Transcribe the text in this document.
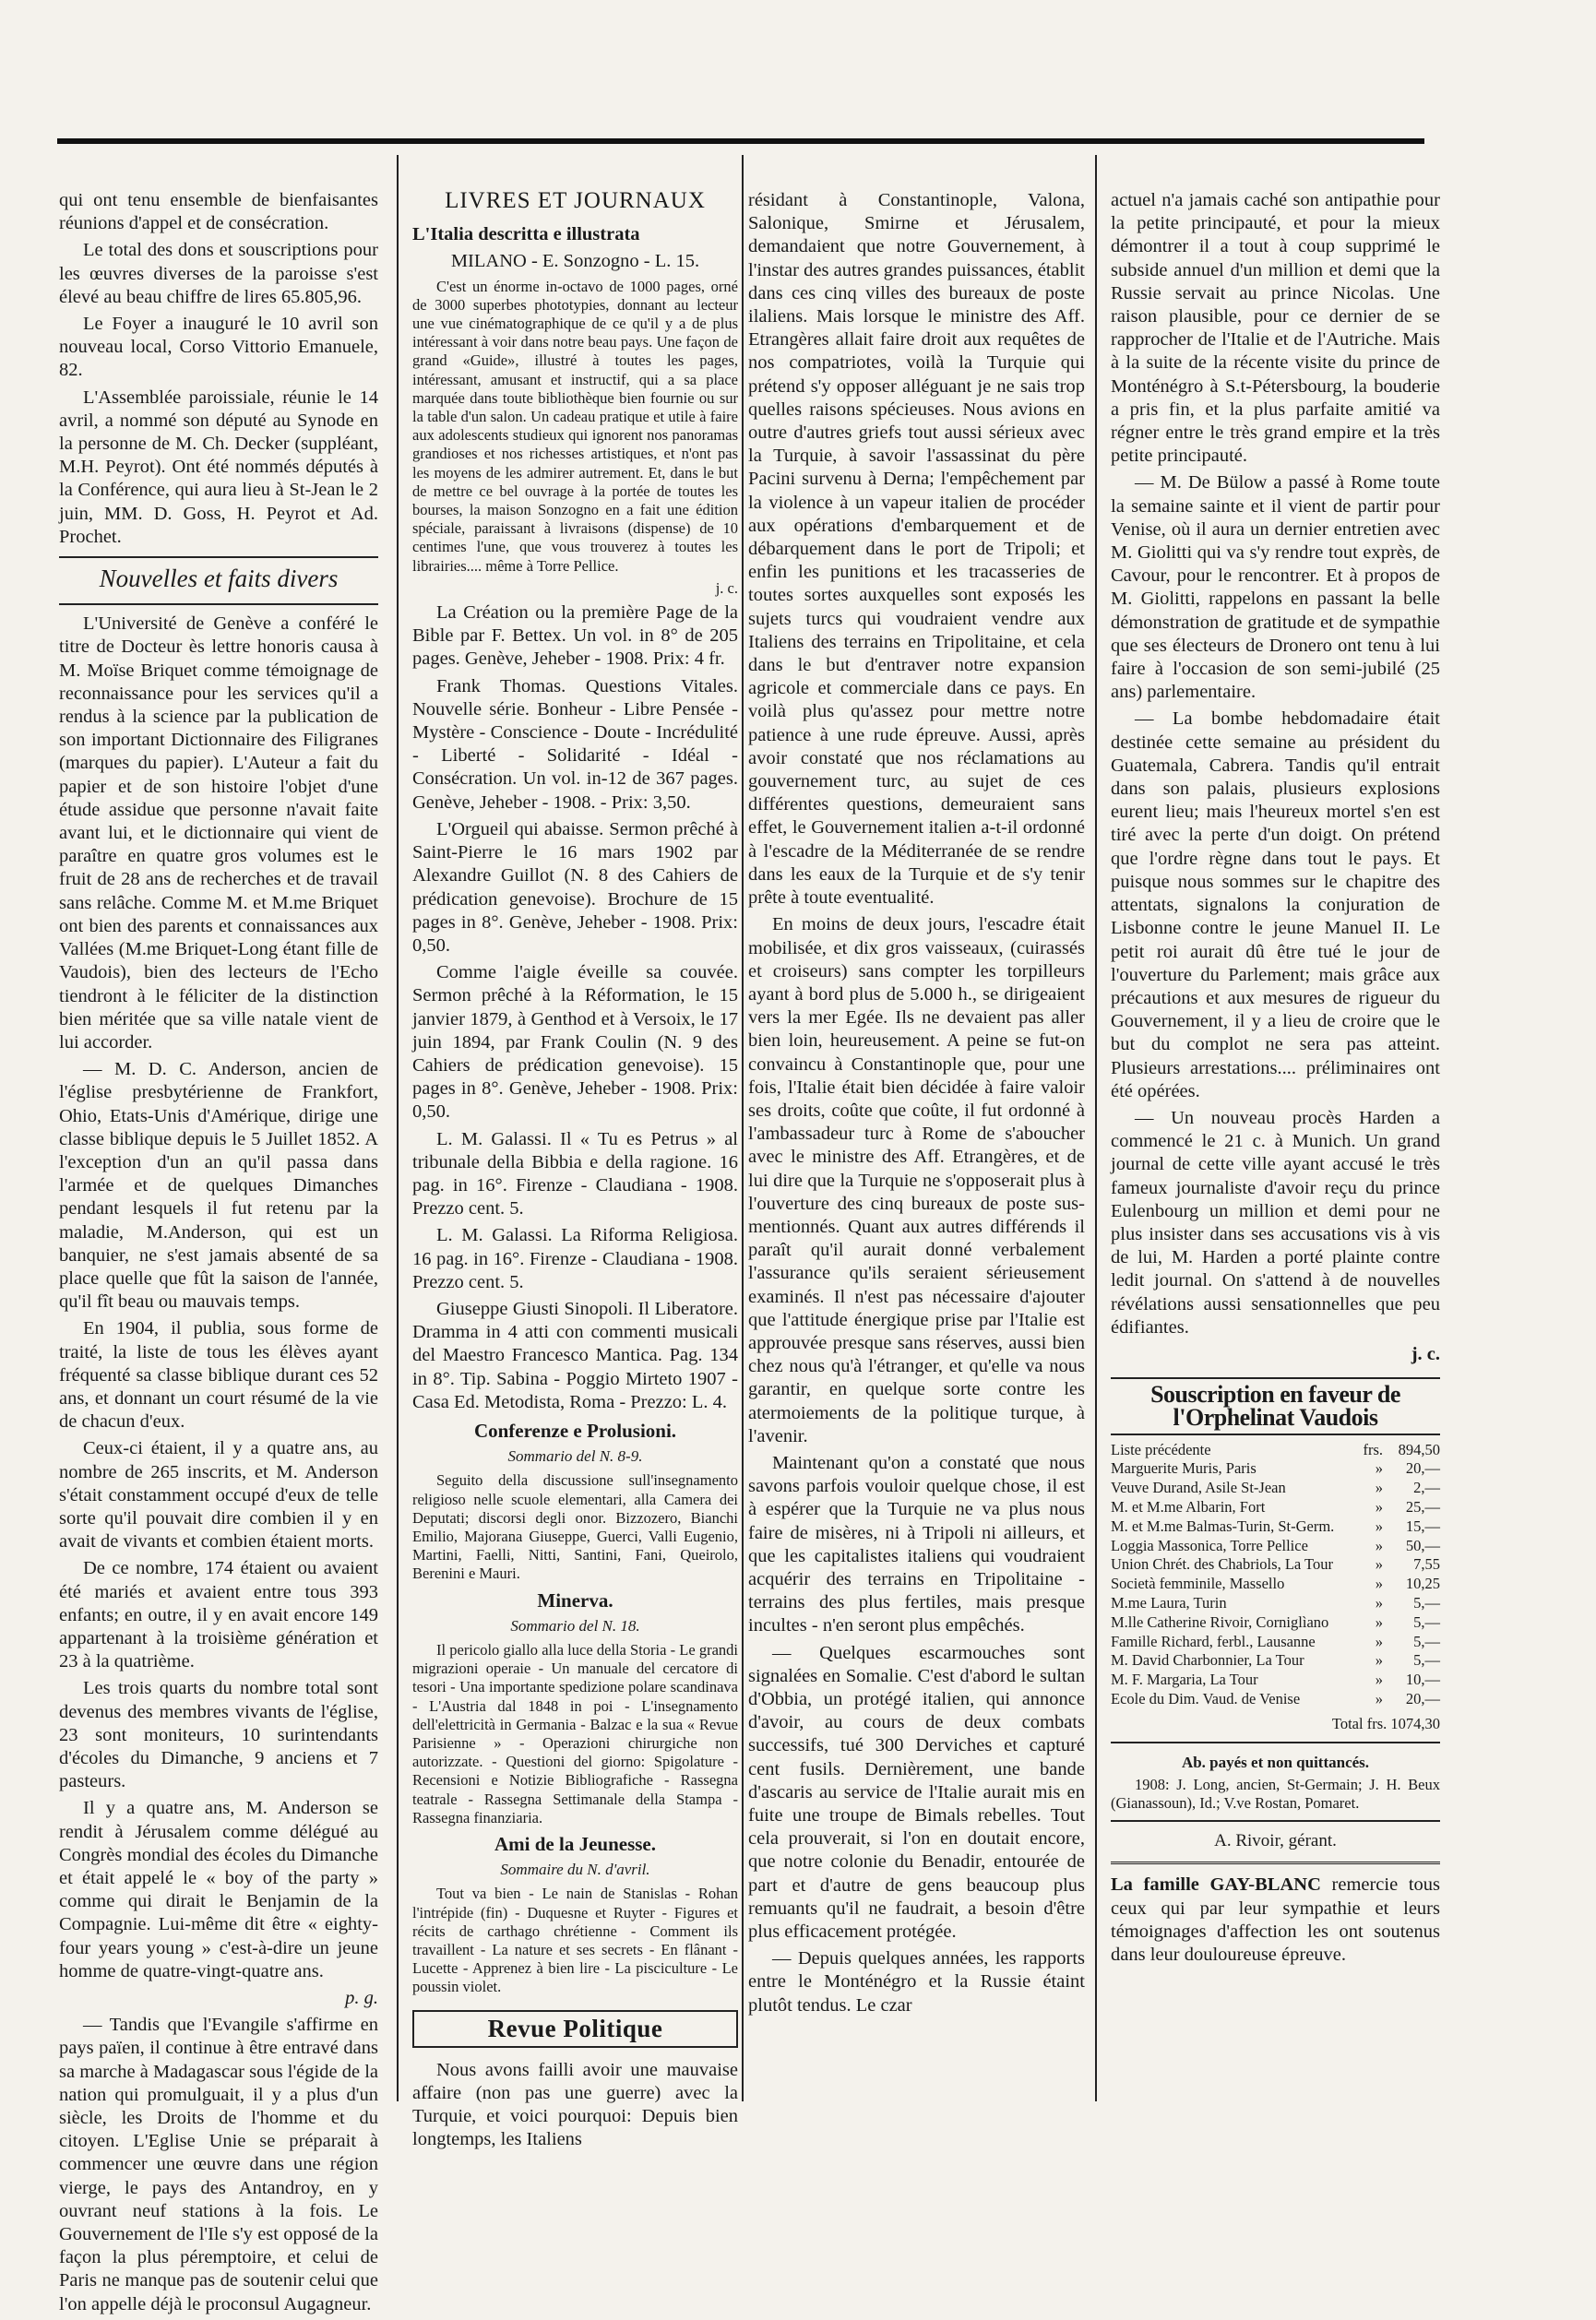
qui ont tenu ensemble de bienfaisantes réunions d'appel et de consécration.

Le total des dons et souscriptions pour les œuvres diverses de la paroisse s'est élevé au beau chiffre de lires 65.805,96.

Le Foyer a inauguré le 10 avril son nouveau local, Corso Vittorio Emanuele, 82.

L'Assemblée paroissiale, réunie le 14 avril, a nommé son député au Synode en la personne de M. Ch. Decker (suppléant, M.H. Peyrot). Ont été nommés députés à la Conférence, qui aura lieu à St-Jean le 2 juin, MM. D. Goss, H. Peyrot et Ad. Prochet.

Nouvelles et faits divers

L'Université de Genève a conféré le titre de Docteur ès lettre honoris causa à M. Moïse Briquet comme témoignage de reconnaissance pour les services qu'il a rendus à la science par la publication de son important Dictionnaire des Filigranes (marques du papier). L'Auteur a fait du papier et de son histoire l'objet d'une étude assidue que personne n'avait faite avant lui, et le dictionnaire qui vient de paraître en quatre gros volumes est le fruit de 28 ans de recherches et de travail sans relâche. Comme M. et M.me Briquet ont bien des parents et connaissances aux Vallées (M.me Briquet-Long étant fille de Vaudois), bien des lecteurs de l'Echo tiendront à le féliciter de la distinction bien méritée que sa ville natale vient de lui accorder.

— M. D. C. Anderson, ancien de l'église presbytérienne de Frankfort, Ohio, Etats-Unis d'Amérique, dirige une classe biblique depuis le 5 Juillet 1852. A l'exception d'un an qu'il passa dans l'armée et de quelques Dimanches pendant lesquels il fut retenu par la maladie, M.Anderson, qui est un banquier, ne s'est jamais absenté de sa place quelle que fût la saison de l'année, qu'il fît beau ou mauvais temps.

En 1904, il publia, sous forme de traité, la liste de tous les élèves ayant fréquenté sa classe biblique durant ces 52 ans, et donnant un court résumé de la vie de chacun d'eux.

Ceux-ci étaient, il y a quatre ans, au nombre de 265 inscrits, et M. Anderson s'était constamment occupé d'eux de telle sorte qu'il pouvait dire combien il y en avait de vivants et combien étaient morts.

De ce nombre, 174 étaient ou avaient été mariés et avaient entre tous 393 enfants; en outre, il y en avait encore 149 appartenant à la troisième génération et 23 à la quatrième.

Les trois quarts du nombre total sont devenus des membres vivants de l'église, 23 sont moniteurs, 10 surintendants d'écoles du Dimanche, 9 anciens et 7 pasteurs.

Il y a quatre ans, M. Anderson se rendit à Jérusalem comme délégué au Congrès mondial des écoles du Dimanche et était appelé le « boy of the party » comme qui dirait le Benjamin de la Compagnie. Lui-même dit être « eighty-four years young » c'est-à-dire un jeune homme de quatre-vingt-quatre ans.

p. g.

— Tandis que l'Evangile s'affirme en pays païen, il continue à être entravé dans sa marche à Madagascar sous l'égide de la nation qui promulguait, il y a plus d'un siècle, les Droits de l'homme et du citoyen. L'Eglise Unie se préparait à commencer une œuvre dans une région vierge, le pays des Antandroy, en y ouvrant neuf stations à la fois. Le Gouvernement de l'Ile s'y est opposé de la façon la plus péremptoire, et celui de Paris ne manque pas de soutenir celui que l'on appelle déjà le proconsul Augagneur.

LIVRES ET JOURNAUX

L'Italia descritta e illustrata

MILANO - E. Sonzogno - L. 15.

C'est un énorme in-octavo de 1000 pages, orné de 3000 superbes phototypies, donnant au lecteur une vue cinématographique de ce qu'il y a de plus intéressant à voir dans notre beau pays. Une façon de grand «Guide», illustré à toutes les pages, intéressant, amusant et instructif, qui a sa place marquée dans toute bibliothèque bien fournie ou sur la table d'un salon. Un cadeau pratique et utile à faire aux adolescents studieux qui ignorent nos panoramas grandioses et nos richesses artistiques, et n'ont pas les moyens de les admirer autrement. Et, dans le but de mettre ce bel ouvrage à la portée de toutes les bourses, la maison Sonzogno en a fait une édition spéciale, paraissant à livraisons (dispense) de 10 centimes l'une, que vous trouverez à toutes les librairies.... même à Torre Pellice.

j. c.

La Création ou la première Page de la Bible par F. Bettex. Un vol. in 8° de 205 pages. Genève, Jeheber - 1908. Prix: 4 fr.

Frank Thomas. Questions Vitales. Nouvelle série. Bonheur - Libre Pensée - Mystère - Conscience - Doute - Incrédulité - Liberté - Solidarité - Idéal - Consécration. Un vol. in-12 de 367 pages. Genève, Jeheber - 1908. - Prix: 3,50.

L'Orgueil qui abaisse. Sermon prêché à Saint-Pierre le 16 mars 1902 par Alexandre Guillot (N. 8 des Cahiers de prédication genevoise). Brochure de 15 pages in 8°. Genève, Jeheber - 1908. Prix: 0,50.

Comme l'aigle éveille sa couvée. Sermon prêché à la Réformation, le 15 janvier 1879, à Genthod et à Versoix, le 17 juin 1894, par Frank Coulin (N. 9 des Cahiers de prédication genevoise). 15 pages in 8°. Genève, Jeheber - 1908. Prix: 0,50.

L. M. Galassi. Il « Tu es Petrus » al tribunale della Bibbia e della ragione. 16 pag. in 16°. Firenze - Claudiana - 1908. Prezzo cent. 5.

L. M. Galassi. La Riforma Religiosa. 16 pag. in 16°. Firenze - Claudiana - 1908. Prezzo cent. 5.

Giuseppe Giusti Sinopoli. Il Liberatore. Dramma in 4 atti con commenti musicali del Maestro Francesco Mantica. Pag. 134 in 8°. Tip. Sabina - Poggio Mirteto 1907 - Casa Ed. Metodista, Roma - Prezzo: L. 4.

Conferenze e Prolusioni.
Sommario del N. 8-9.

Seguito della discussione sull'insegnamento religioso nelle scuole elementari, alla Camera dei Deputati; discorsi degli onor. Bizzozero, Bianchi Emilio, Majorana Giuseppe, Guerci, Valli Eugenio, Martini, Faelli, Nitti, Santini, Fani, Queirolo, Berenini e Mauri.

Minerva.
Sommario del N. 18.

Il pericolo giallo alla luce della Storia - Le grandi migrazioni operaie - Un manuale del cercatore di tesori - Una importante spedizione polare scandinava - L'Austria dal 1848 in poi - L'insegnamento dell'elettricità in Germania - Balzac e la sua « Revue Parisienne » - Operazioni chirurgiche non autorizzate. - Questioni del giorno: Spigolature - Recensioni e Notizie Bibliografiche - Rassegna teatrale - Rassegna Settimanale della Stampa - Rassegna finanziaria.

Ami de la Jeunesse.
Sommaire du N. d'avril.

Tout va bien - Le nain de Stanislas - Rohan l'intrépide (fin) - Duquesne et Ruyter - Figures et récits de carthago chrétienne - Comment ils travaillent - La nature et ses secrets - En flânant - Lucette - Apprenez à bien lire - La pisciculture - Le poussin violet.

Revue Politique

Nous avons failli avoir une mauvaise affaire (non pas une guerre) avec la Turquie, et voici pourquoi: Depuis bien longtemps, les Italiens

résidant à Constantinople, Valona, Salonique, Smirne et Jérusalem, demandaient que notre Gouvernement, à l'instar des autres grandes puissances, établit dans ces cinq villes des bureaux de poste ilaliens. Mais lorsque le ministre des Aff. Etrangères allait faire droit aux requêtes de nos compatriotes, voilà la Turquie qui prétend s'y opposer alléguant je ne sais trop quelles raisons spécieuses. Nous avions en outre d'autres griefs tout aussi sérieux avec la Turquie, à savoir l'assassinat du père Pacini survenu à Derna; l'empêchement par la violence à un vapeur italien de procéder aux opérations d'embarquement et de débarquement dans le port de Tripoli; et enfin les punitions et les tracasseries de toutes sortes auxquelles sont exposés les sujets turcs qui voudraient vendre aux Italiens des terrains en Tripolitaine, et cela dans le but d'entraver notre expansion agricole et commerciale dans ce pays. En voilà plus qu'assez pour mettre notre patience à une rude épreuve. Aussi, après avoir constaté que nos réclamations au gouvernement turc, au sujet de ces différentes questions, demeuraient sans effet, le Gouvernement italien a-t-il ordonné à l'escadre de la Méditerranée de se rendre dans les eaux de la Turquie et de s'y tenir prête à toute eventualité.

En moins de deux jours, l'escadre était mobilisée, et dix gros vaisseaux, (cuirassés et croiseurs) sans compter les torpilleurs ayant à bord plus de 5.000 h., se dirigeaient vers la mer Egée. Ils ne devaient pas aller bien loin, heureusement. A peine se fut-on convaincu à Constantinople que, pour une fois, l'Italie était bien décidée à faire valoir ses droits, coûte que coûte, il fut ordonné à l'ambassadeur turc à Rome de s'aboucher avec le ministre des Aff. Etrangères, et de lui dire que la Turquie ne s'opposerait plus à l'ouverture des cinq bureaux de poste sus-mentionnés. Quant aux autres différends il paraît qu'il aurait donné verbalement l'assurance qu'ils seraient sérieusement examinés. Il n'est pas nécessaire d'ajouter que l'attitude énergique prise par l'Italie est approuvée presque sans réserves, aussi bien chez nous qu'à l'étranger, et qu'elle va nous garantir, en quelque sorte contre les atermoiements de la politique turque, à l'avenir.

Maintenant qu'on a constaté que nous savons parfois vouloir quelque chose, il est à espérer que la Turquie ne va plus nous faire de misères, ni à Tripoli ni ailleurs, et que les capitalistes italiens qui voudraient acquérir des terrains en Tripolitaine - terrains des plus fertiles, mais presque incultes - n'en seront plus empêchés.

— Quelques escarmouches sont signalées en Somalie. C'est d'abord le sultan d'Obbia, un protégé italien, qui annonce d'avoir, au cours de deux combats successifs, tué 300 Derviches et capturé cent fusils. Dernièrement, une bande d'ascaris au service de l'Italie aurait mis en fuite une troupe de Bimals rebelles. Tout cela prouverait, si l'on en doutait encore, que notre colonie du Benadir, entourée de part et d'autre de gens beaucoup plus remuants qu'il ne faudrait, a besoin d'être plus efficacement protégée.

— Depuis quelques années, les rapports entre le Monténégro et la Russie étaint plutôt tendus. Le czar

actuel n'a jamais caché son antipathie pour la petite principauté, et pour la mieux démontrer il a tout à coup supprimé le subside annuel d'un million et demi que la Russie servait au prince Nicolas. Une raison plausible, pour ce dernier de se rapprocher de l'Italie et de l'Autriche. Mais à la suite de la récente visite du prince de Monténégro à S.t-Pétersbourg, la bouderie a pris fin, et la plus parfaite amitié va régner entre le très grand empire et la très petite principauté.

— M. De Bülow a passé à Rome toute la semaine sainte et il vient de partir pour Venise, où il aura un dernier entretien avec M. Giolitti qui va s'y rendre tout exprès, de Cavour, pour le rencontrer. Et à propos de M. Giolitti, rappelons en passant la belle démonstration de gratitude et de sympathie que ses électeurs de Dronero ont tenu à lui faire à l'occasion de son semi-jubilé (25 ans) parlementaire.

— La bombe hebdomadaire était destinée cette semaine au président du Guatemala, Cabrera. Tandis qu'il entrait dans son palais, plusieurs explosions eurent lieu; mais l'heureux mortel s'en est tiré avec la perte d'un doigt. On prétend que l'ordre règne dans tout le pays. Et puisque nous sommes sur le chapitre des attentats, signalons la conjuration de Lisbonne contre le jeune Manuel II. Le petit roi aurait dû être tué le jour de l'ouverture du Parlement; mais grâce aux précautions et aux mesures de rigueur du Gouvernement, il y a lieu de croire que le but du complot ne sera pas atteint. Plusieurs arrestations.... préliminaires ont été opérées.

— Un nouveau procès Harden a commencé le 21 c. à Munich. Un grand journal de cette ville ayant accusé le très fameux journaliste d'avoir reçu du prince Eulenbourg un million et demi pour ne plus insister dans ses accusations vis à vis de lui, M. Harden a porté plainte contre ledit journal. On s'attend à de nouvelles révélations aussi sensationnelles que peu édifiantes.

j. c.

Souscription en faveur de l'Orphelinat Vaudois
Liste précédente	frs.	894,50
Marguerite Muris, Paris	»	20,—
Veuve Durand, Asile St-Jean	»	2,—
M. et M.me Albarin, Fort	»	25,—
M. et M.me Balmas-Turin, St-Germ.	»	15,—
Loggia Massonica, Torre Pellice	»	50,—
Union Chrét. des Chabriols, La Tour	»	7,55
Società femminile, Massello	»	10,25
M.me Laura, Turin	»	5,—
M.lle Catherine Rivoir, Corniglìano	»	5,—
Famille Richard, ferbl., Lausanne	»	5,—
M. David Charbonnier, La Tour	»	5,—
M. F. Margaria, La Tour	»	10,—
Ecole du Dim. Vaud. de Venise	»	20,—

Total frs. 1074,30

Ab. payés et non quittancés.

1908: J. Long, ancien, St-Germain; J. H. Beux (Gianassoun), Id.; V.ve Rostan, Pomaret.

A. Rivoir, gérant.

La famille GAY-BLANC remercie tous ceux qui par leur sympathie et leurs témoignages d'affection les ont soutenus dans leur douloureuse épreuve.
